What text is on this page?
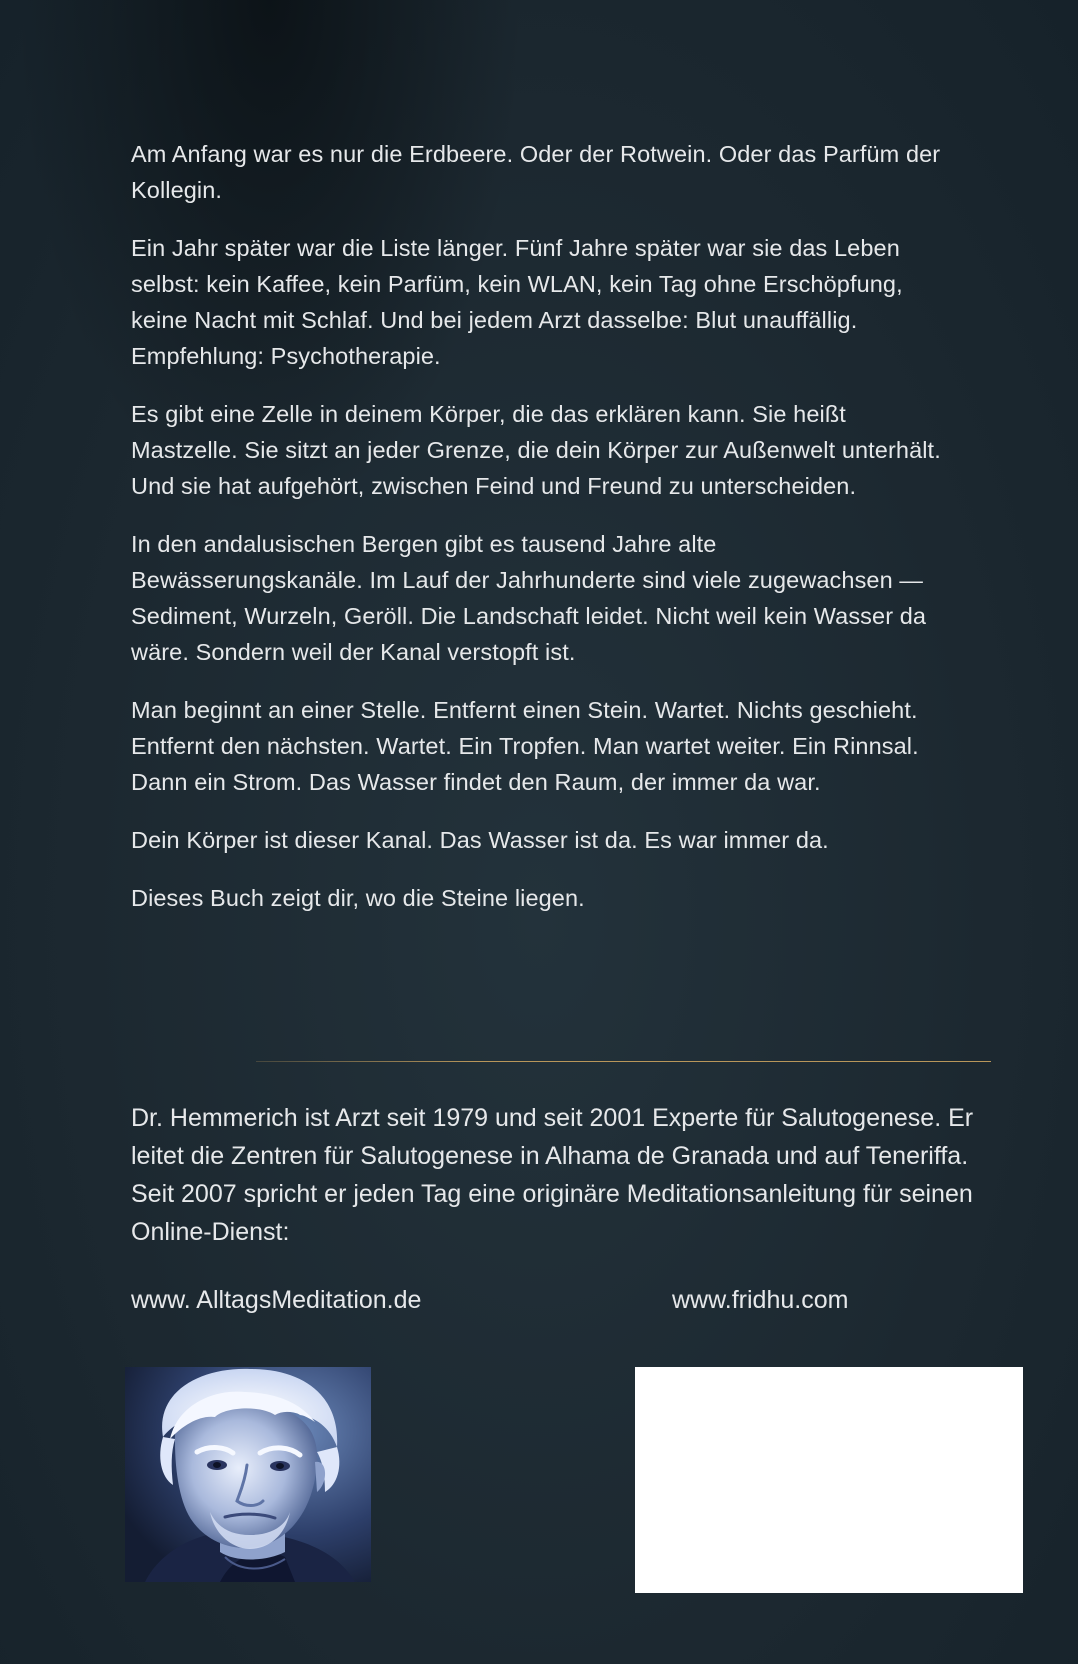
Am Anfang war es nur die Erdbeere. Oder der Rotwein. Oder das Parfüm der Kollegin.

Ein Jahr später war die Liste länger. Fünf Jahre später war sie das Leben selbst: kein Kaffee, kein Parfüm, kein WLAN, kein Tag ohne Erschöpfung, keine Nacht mit Schlaf. Und bei jedem Arzt dasselbe: Blut unauffällig. Empfehlung: Psychotherapie.

Es gibt eine Zelle in deinem Körper, die das erklären kann. Sie heißt Mastzelle. Sie sitzt an jeder Grenze, die dein Körper zur Außenwelt unterhält. Und sie hat aufgehört, zwischen Feind und Freund zu unterscheiden.

In den andalusischen Bergen gibt es tausend Jahre alte Bewässerungskanäle. Im Lauf der Jahrhunderte sind viele zugewachsen — Sediment, Wurzeln, Geröll. Die Landschaft leidet. Nicht weil kein Wasser da wäre. Sondern weil der Kanal verstopft ist.

Man beginnt an einer Stelle. Entfernt einen Stein. Wartet. Nichts geschieht. Entfernt den nächsten. Wartet. Ein Tropfen. Man wartet weiter. Ein Rinnsal. Dann ein Strom. Das Wasser findet den Raum, der immer da war.

Dein Körper ist dieser Kanal. Das Wasser ist da. Es war immer da.

Dieses Buch zeigt dir, wo die Steine liegen.

Dr. Hemmerich ist Arzt seit 1979 und seit 2001 Experte für Salutogenese. Er leitet die Zentren für Salutogenese in Alhama de Granada und auf Teneriffa. Seit 2007 spricht er jeden Tag eine originäre Meditationsanleitung für seinen Online-Dienst:

www. AlltagsMeditation.de	www.fridhu.com
